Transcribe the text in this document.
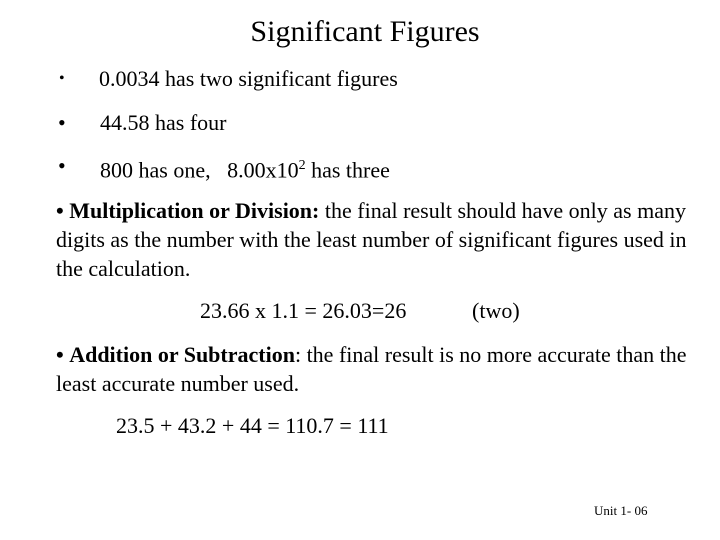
Significant Figures
• 0.0034 has two significant figures
• 44.58 has four
• 800 has one,   $8.00x10^2$ has three
• Multiplication or Division: the final result should have only as many digits as the number with the least number of significant figures used in the calculation.
23.66 x 1.1 = 26.03=26	(two)
• Addition or Subtraction: the final result is no more accurate than the least accurate number used.
23.5 + 43.2 + 44 = 110.7 = 111
Unit 1- 06
